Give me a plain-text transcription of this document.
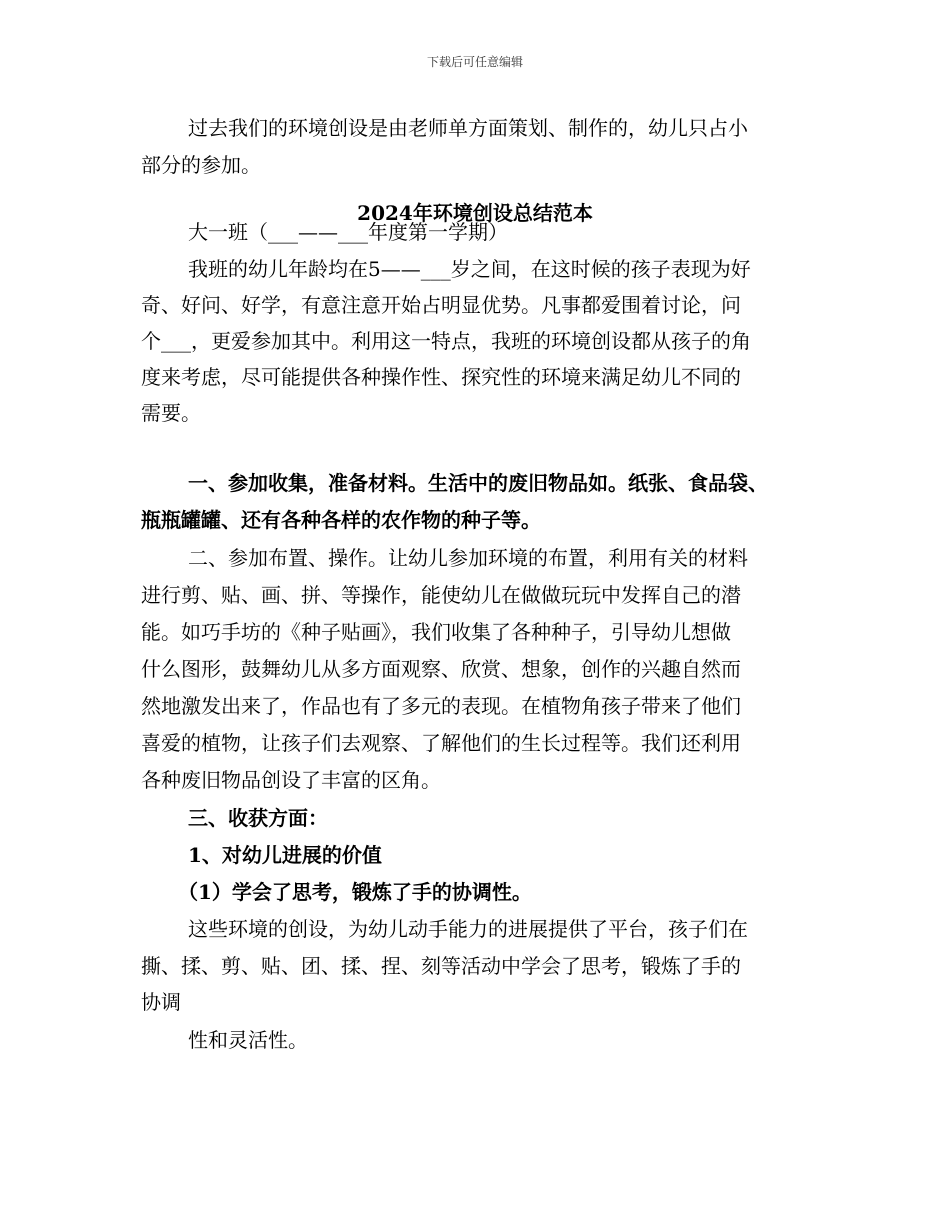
下载后可任意编辑
过去我们的环境创设是由老师单方面策划、制作的，幼儿只占小
部分的参加。
2024年环境创设总结范本
大一班（___——___年度第一学期）
我班的幼儿年龄均在5——___岁之间，在这时候的孩子表现为好
奇、好问、好学，有意注意开始占明显优势。凡事都爱围着讨论，问
个___，更爱参加其中。利用这一特点，我班的环境创设都从孩子的角
度来考虑，尽可能提供各种操作性、探究性的环境来满足幼儿不同的
需要。
一、参加收集，准备材料。生活中的废旧物品如。纸张、食品袋、
瓶瓶罐罐、还有各种各样的农作物的种子等。
二、参加布置、操作。让幼儿参加环境的布置，利用有关的材料
进行剪、贴、画、拼、等操作，能使幼儿在做做玩玩中发挥自己的潜
能。如巧手坊的《种子贴画》，我们收集了各种种子，引导幼儿想做
什么图形，鼓舞幼儿从多方面观察、欣赏、想象，创作的兴趣自然而
然地激发出来了，作品也有了多元的表现。在植物角孩子带来了他们
喜爱的植物，让孩子们去观察、了解他们的生长过程等。我们还利用
各种废旧物品创设了丰富的区角。
三、收获方面：
1、对幼儿进展的价值
（1）学会了思考，锻炼了手的协调性。
这些环境的创设，为幼儿动手能力的进展提供了平台，孩子们在
撕、揉、剪、贴、团、揉、捏、刻等活动中学会了思考，锻炼了手的
协调
性和灵活性。
